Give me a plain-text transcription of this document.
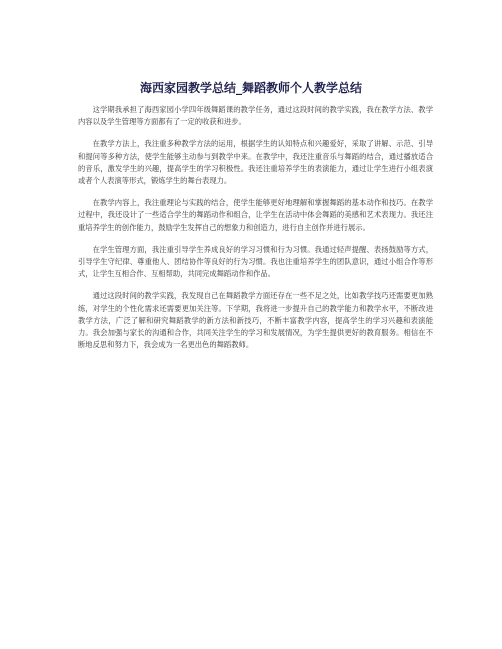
海西家园教学总结_舞蹈教师个人教学总结

这学期我承担了海西家园小学四年级舞蹈课的教学任务，通过这段时间的教学实践，我在教学方法、教学内容以及学生管理等方面都有了一定的收获和进步。

在教学方法上，我注重多种教学方法的运用，根据学生的认知特点和兴趣爱好，采取了讲解、示范、引导和提问等多种方法，使学生能够主动参与到教学中来。在教学中，我还注重音乐与舞蹈的结合，通过播放适合的音乐，激发学生的兴趣，提高学生的学习积极性。我还注重培养学生的表演能力，通过让学生进行小组表演或者个人表演等形式，锻炼学生的舞台表现力。

在教学内容上，我注重理论与实践的结合，使学生能够更好地理解和掌握舞蹈的基本动作和技巧。在教学过程中，我还设计了一些适合学生的舞蹈动作和组合，让学生在活动中体会舞蹈的美感和艺术表现力。我还注重培养学生的创作能力，鼓励学生发挥自己的想象力和创造力，进行自主创作并进行展示。

在学生管理方面，我注重引导学生养成良好的学习习惯和行为习惯。我通过轻声提醒、表扬鼓励等方式，引导学生守纪律、尊重他人、团结协作等良好的行为习惯。我也注重培养学生的团队意识，通过小组合作等形式，让学生互相合作、互相帮助，共同完成舞蹈动作和作品。

通过这段时间的教学实践，我发现自己在舞蹈教学方面还存在一些不足之处，比如教学技巧还需要更加熟练，对学生的个性化需求还需要更加关注等。下学期，我将进一步提升自己的教学能力和教学水平，不断改进教学方法，广泛了解和研究舞蹈教学的新方法和新技巧，不断丰富教学内容，提高学生的学习兴趣和表演能力。我会加强与家长的沟通和合作，共同关注学生的学习和发展情况，为学生提供更好的教育服务。相信在不断地反思和努力下，我会成为一名更出色的舞蹈教师。
